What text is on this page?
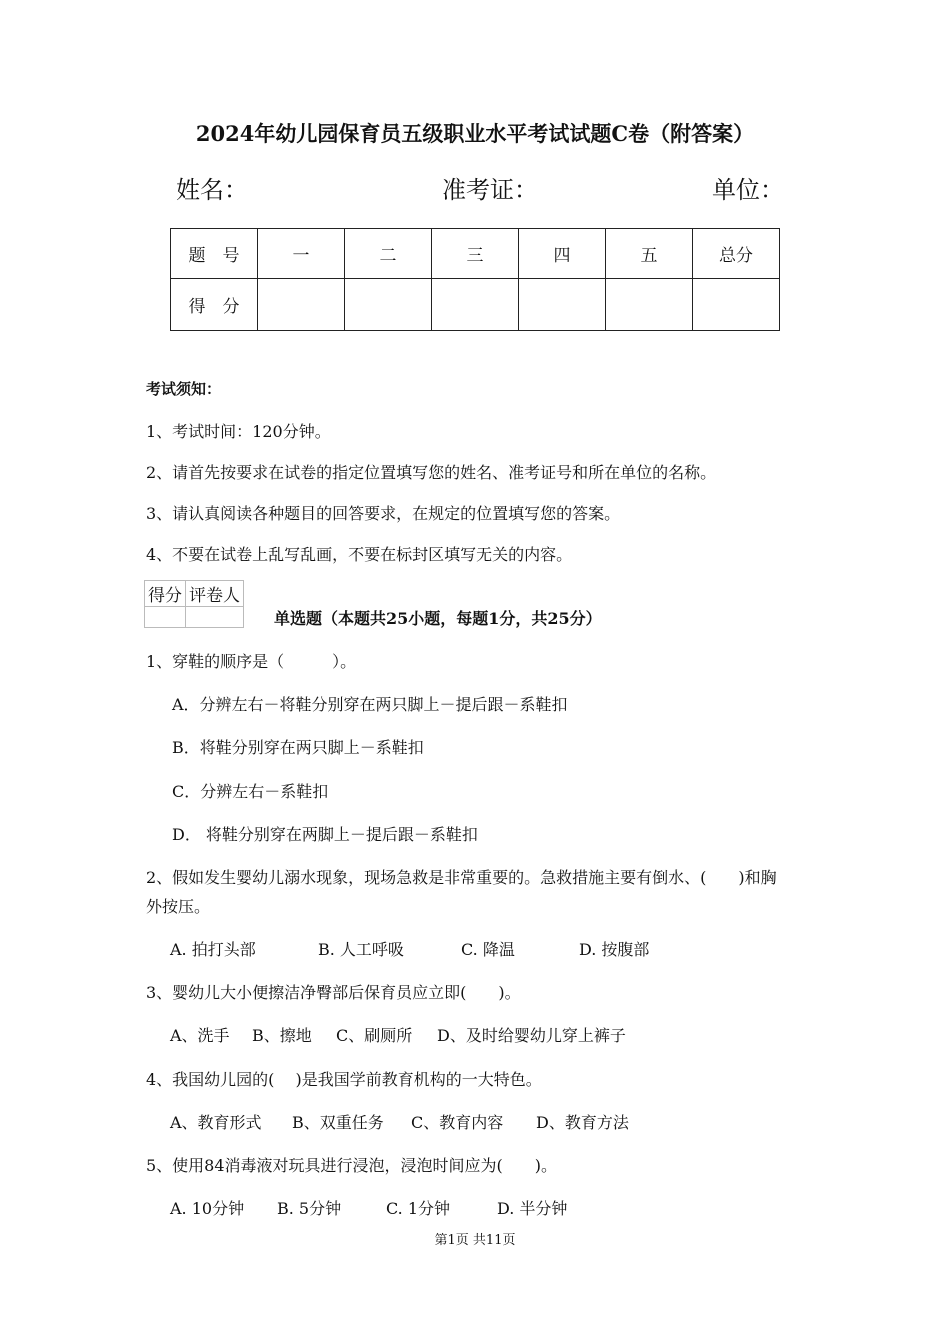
2024年幼儿园保育员五级职业水平考试试题C卷（附答案）
姓名：	准考证：	单位：
题　号	一	二	三	四	五	总分
得　分						
考试须知：
1、考试时间：120分钟。
2、请首先按要求在试卷的指定位置填写您的姓名、准考证号和所在单位的名称。
3、请认真阅读各种题目的回答要求，在规定的位置填写您的答案。
4、不要在试卷上乱写乱画，不要在标封区填写无关的内容。
得分	评卷人

单选题（本题共25小题，每题1分，共25分）
1、穿鞋的顺序是（　　　）。
A．分辨左右－将鞋分别穿在两只脚上－提后跟－系鞋扣
B．将鞋分别穿在两只脚上－系鞋扣
C．分辨左右－系鞋扣
D． 将鞋分别穿在两脚上－提后跟－系鞋扣
2、假如发生婴幼儿溺水现象，现场急救是非常重要的。急救措施主要有倒水、(　　)和胸
外按压。
A. 拍打头部	B. 人工呼吸	C. 降温	D. 按腹部
3、婴幼儿大小便擦洁净臀部后保育员应立即(　　)。
A、洗手 B、擦地 C、刷厕所 D、及时给婴幼儿穿上裤子
4、我国幼儿园的(　 )是我国学前教育机构的一大特色。
A、教育形式 B、双重任务 C、教育内容 D、教育方法
5、使用84消毒液对玩具进行浸泡，浸泡时间应为(　　)。
A. 10分钟 B. 5分钟	C. 1分钟	D. 半分钟
第1页 共11页
